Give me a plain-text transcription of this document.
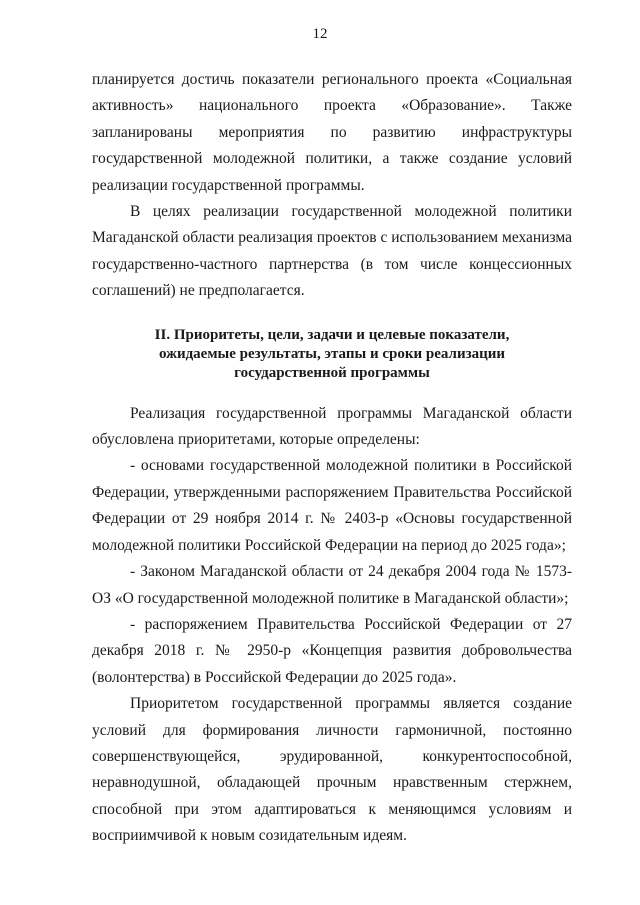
12

планируется достичь показатели регионального проекта «Социальная активность» национального проекта «Образование». Также запланированы мероприятия по развитию инфраструктуры государственной молодежной политики, а также создание условий реализации государственной программы.

В целях реализации государственной молодежной политики Магаданской области реализация проектов с использованием механизма государственно-частного партнерства (в том числе концессионных соглашений) не предполагается.

II. Приоритеты, цели, задачи и целевые показатели,
ожидаемые результаты, этапы и сроки реализации
государственной программы

Реализация государственной программы Магаданской области обусловлена приоритетами, которые определены:

- основами государственной молодежной политики в Российской Федерации, утвержденными распоряжением Правительства Российской Федерации от 29 ноября 2014 г. № 2403-р «Основы государственной молодежной политики Российской Федерации на период до 2025 года»;

- Законом Магаданской области от 24 декабря 2004 года № 1573-ОЗ «О государственной молодежной политике в Магаданской области»;

- распоряжением Правительства Российской Федерации от 27 декабря 2018 г. № 2950-р «Концепция развития добровольчества (волонтерства) в Российской Федерации до 2025 года».

Приоритетом государственной программы является создание условий для формирования личности гармоничной, постоянно совершенствующейся, эрудированной, конкурентоспособной, неравнодушной, обладающей прочным нравственным стержнем, способной при этом адаптироваться к меняющимся условиям и восприимчивой к новым созидательным идеям.
